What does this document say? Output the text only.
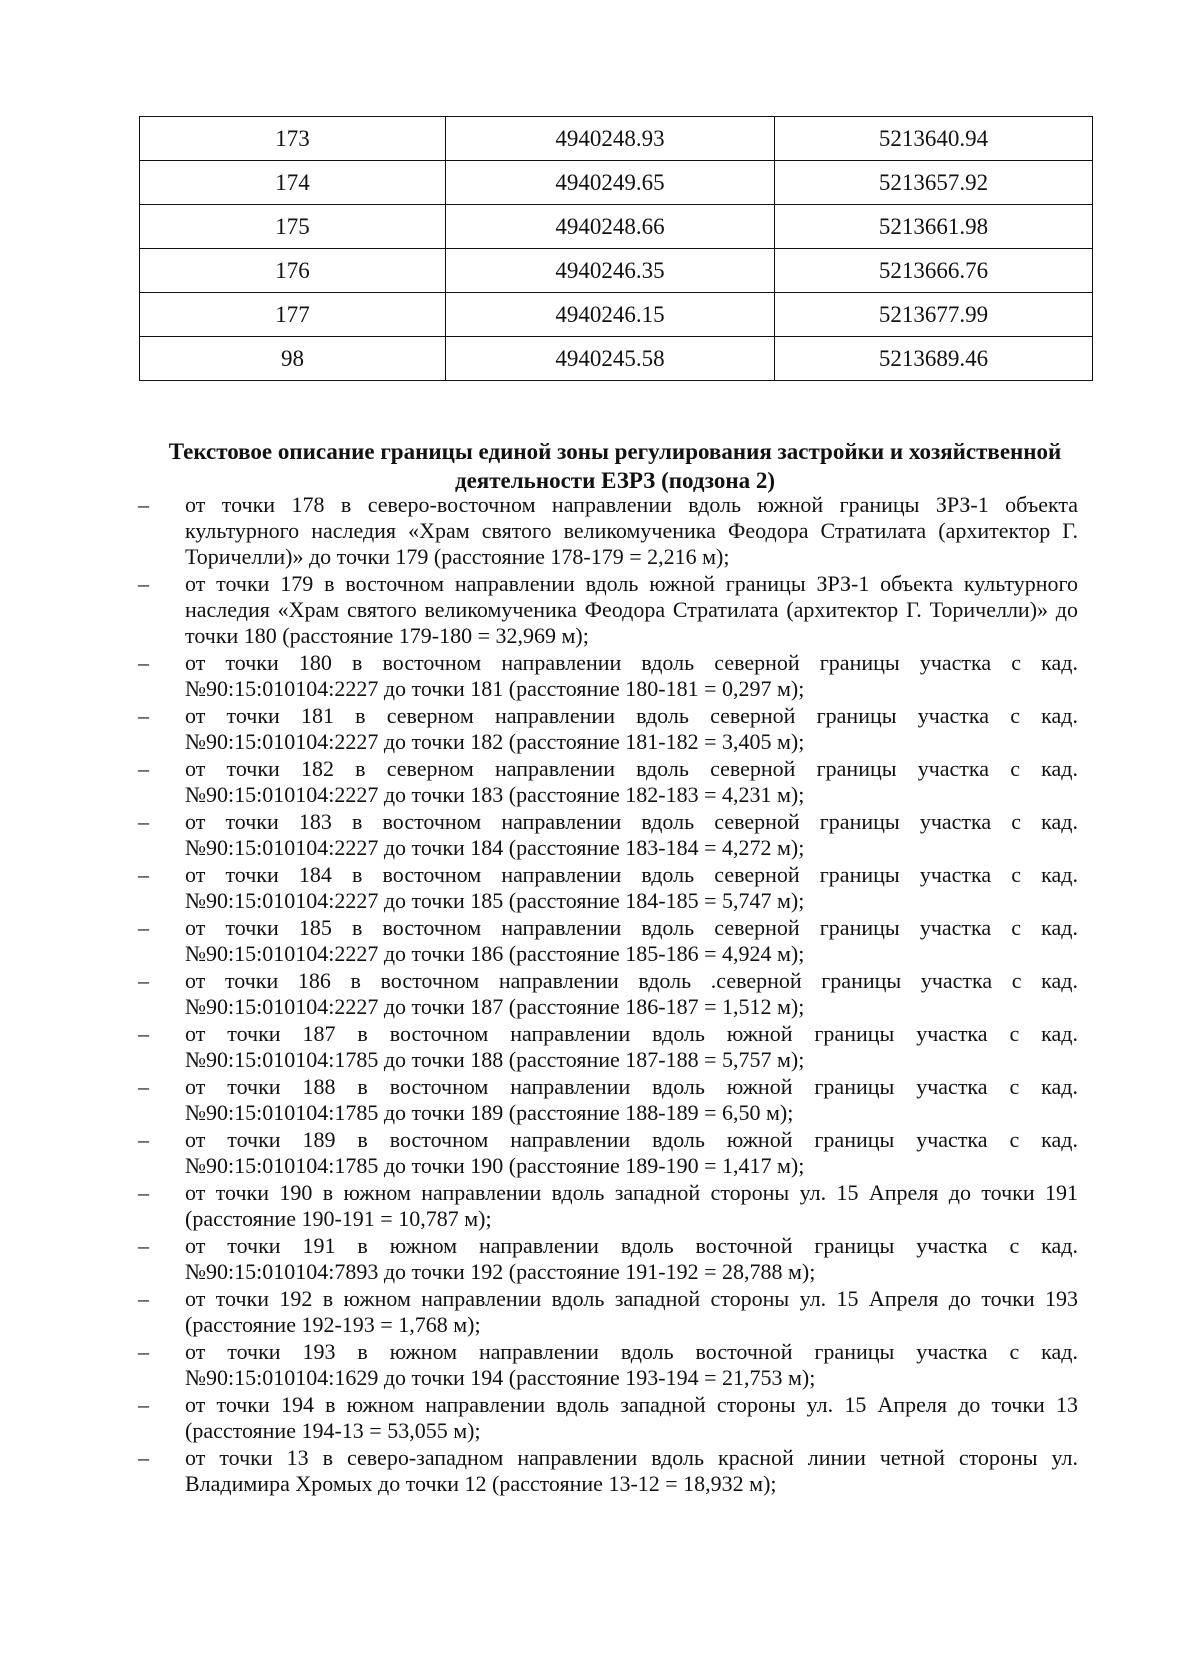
173	4940248.93	5213640.94
174	4940249.65	5213657.92
175	4940248.66	5213661.98
176	4940246.35	5213666.76
177	4940246.15	5213677.99
98	4940245.58	5213689.46
Текстовое описание границы единой зоны регулирования застройки и хозяйственной
деятельности ЕЗРЗ (подзона 2)
–	от точки 178 в северо-восточном направлении вдоль южной границы ЗРЗ-1 объекта культурного наследия «Храм святого великомученика Феодора Стратилата (архитектор Г. Торичелли)» до точки 179 (расстояние 178-179 = 2,216 м);
–	от точки 179 в восточном направлении вдоль южной границы ЗРЗ-1 объекта культурного наследия «Храм святого великомученика Феодора Стратилата (архитектор Г. Торичелли)» до точки 180 (расстояние 179-180 = 32,969 м);
–	от точки 180 в восточном направлении вдоль северной границы участка с кад. №90:15:010104:2227 до точки 181 (расстояние 180-181 = 0,297 м);
–	от точки 181 в северном направлении вдоль северной границы участка с кад. №90:15:010104:2227 до точки 182 (расстояние 181-182 = 3,405 м);
–	от точки 182 в северном направлении вдоль северной границы участка с кад. №90:15:010104:2227 до точки 183 (расстояние 182-183 = 4,231 м);
–	от точки 183 в восточном направлении вдоль северной границы участка с кад. №90:15:010104:2227 до точки 184 (расстояние 183-184 = 4,272 м);
–	от точки 184 в восточном направлении вдоль северной границы участка с кад. №90:15:010104:2227 до точки 185 (расстояние 184-185 = 5,747 м);
–	от точки 185 в восточном направлении вдоль северной границы участка с кад. №90:15:010104:2227 до точки 186 (расстояние 185-186 = 4,924 м);
–	от точки 186 в восточном направлении вдоль .северной границы участка с кад. №90:15:010104:2227 до точки 187 (расстояние 186-187 = 1,512 м);
–	от точки 187 в восточном направлении вдоль южной границы участка с кад. №90:15:010104:1785 до точки 188 (расстояние 187-188 = 5,757 м);
–	от точки 188 в восточном направлении вдоль южной границы участка с кад. №90:15:010104:1785 до точки 189 (расстояние 188-189 = 6,50 м);
–	от точки 189 в восточном направлении вдоль южной границы участка с кад. №90:15:010104:1785 до точки 190 (расстояние 189-190 = 1,417 м);
–	от точки 190 в южном направлении вдоль западной стороны ул. 15 Апреля до точки 191 (расстояние 190-191 = 10,787 м);
–	от точки 191 в южном направлении вдоль восточной границы участка с кад. №90:15:010104:7893 до точки 192 (расстояние 191-192 = 28,788 м);
–	от точки 192 в южном направлении вдоль западной стороны ул. 15 Апреля до точки 193 (расстояние 192-193 = 1,768 м);
–	от точки 193 в южном направлении вдоль восточной границы участка с кад. №90:15:010104:1629 до точки 194 (расстояние 193-194 = 21,753 м);
–	от точки 194 в южном направлении вдоль западной стороны ул. 15 Апреля до точки 13 (расстояние 194-13 = 53,055 м);
–	от точки 13 в северо-западном направлении вдоль красной линии четной стороны ул. Владимира Хромых до точки 12 (расстояние 13-12 = 18,932 м);
